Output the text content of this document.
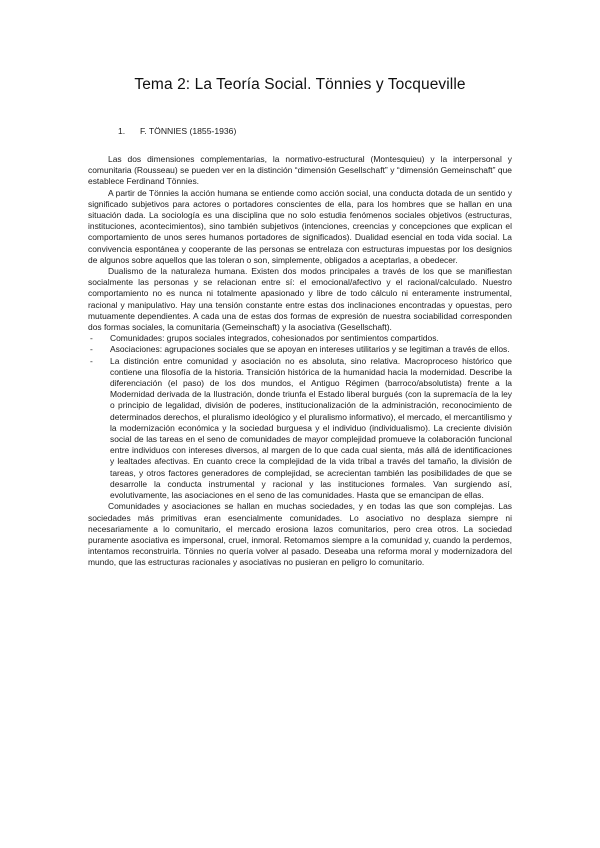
Tema 2: La Teoría Social. Tönnies y Tocqueville
1.	F. TÖNNIES (1855-1936)

Las dos dimensiones complementarias, la normativo-estructural (Montesquieu) y la interpersonal y comunitaria (Rousseau) se pueden ver en la distinción “dimensión Gesellschaft” y “dimensión Gemeinschaft” que establece Ferdinand Tönnies.

A partir de Tönnies la acción humana se entiende como acción social, una conducta dotada de un sentido y significado subjetivos para actores o portadores conscientes de ella, para los hombres que se hallan en una situación dada. La sociología es una disciplina que no solo estudia fenómenos sociales objetivos (estructuras, instituciones, acontecimientos), sino también subjetivos (intenciones, creencias y concepciones que explican el comportamiento de unos seres humanos portadores de significados). Dualidad esencial en toda vida social. La convivencia espontánea y cooperante de las personas se entrelaza con estructuras impuestas por los designios de algunos sobre aquellos que las toleran o son, simplemente, obligados a aceptarlas, a obedecer.

Dualismo de la naturaleza humana. Existen dos modos principales a través de los que se manifiestan socialmente las personas y se relacionan entre sí: el emocional/afectivo y el racional/calculado. Nuestro comportamiento no es nunca ni totalmente apasionado y libre de todo cálculo ni enteramente instrumental, racional y manipulativo. Hay una tensión constante entre estas dos inclinaciones encontradas y opuestas, pero mutuamente dependientes. A cada una de estas dos formas de expresión de nuestra sociabilidad corresponden dos formas sociales, la comunitaria (Gemeinschaft) y la asociativa (Gesellschaft).

-	Comunidades: grupos sociales integrados, cohesionados por sentimientos compartidos.
-	Asociaciones: agrupaciones sociales que se apoyan en intereses utilitarios y se legitiman a través de ellos.
-	La distinción entre comunidad y asociación no es absoluta, sino relativa. Macroproceso histórico que contiene una filosofía de la historia. Transición histórica de la humanidad hacia la modernidad. Describe la diferenciación (el paso) de los dos mundos, el Antiguo Régimen (barroco/absolutista) frente a la Modernidad derivada de la Ilustración, donde triunfa el Estado liberal burgués (con la supremacía de la ley o principio de legalidad, división de poderes, institucionalización de la administración, reconocimiento de determinados derechos, el pluralismo ideológico y el pluralismo informativo), el mercado, el mercantilismo y la modernización económica y la sociedad burguesa y el individuo (individualismo). La creciente división social de las tareas en el seno de comunidades de mayor complejidad promueve la colaboración funcional entre individuos con intereses diversos, al margen de lo que cada cual sienta, más allá de identificaciones y lealtades afectivas. En cuanto crece la complejidad de la vida tribal a través del tamaño, la división de tareas, y otros factores generadores de complejidad, se acrecientan también las posibilidades de que se desarrolle la conducta instrumental y racional y las instituciones formales. Van surgiendo así, evolutivamente, las asociaciones en el seno de las comunidades. Hasta que se emancipan de ellas.

Comunidades y asociaciones se hallan en muchas sociedades, y en todas las que son complejas. Las sociedades más primitivas eran esencialmente comunidades. Lo asociativo no desplaza siempre ni necesariamente a lo comunitario, el mercado erosiona lazos comunitarios, pero crea otros. La sociedad puramente asociativa es impersonal, cruel, inmoral. Retomamos siempre a la comunidad y, cuando la perdemos, intentamos reconstruirla. Tönnies no quería volver al pasado. Deseaba una reforma moral y modernizadora del mundo, que las estructuras racionales y asociativas no pusieran en peligro lo comunitario.
